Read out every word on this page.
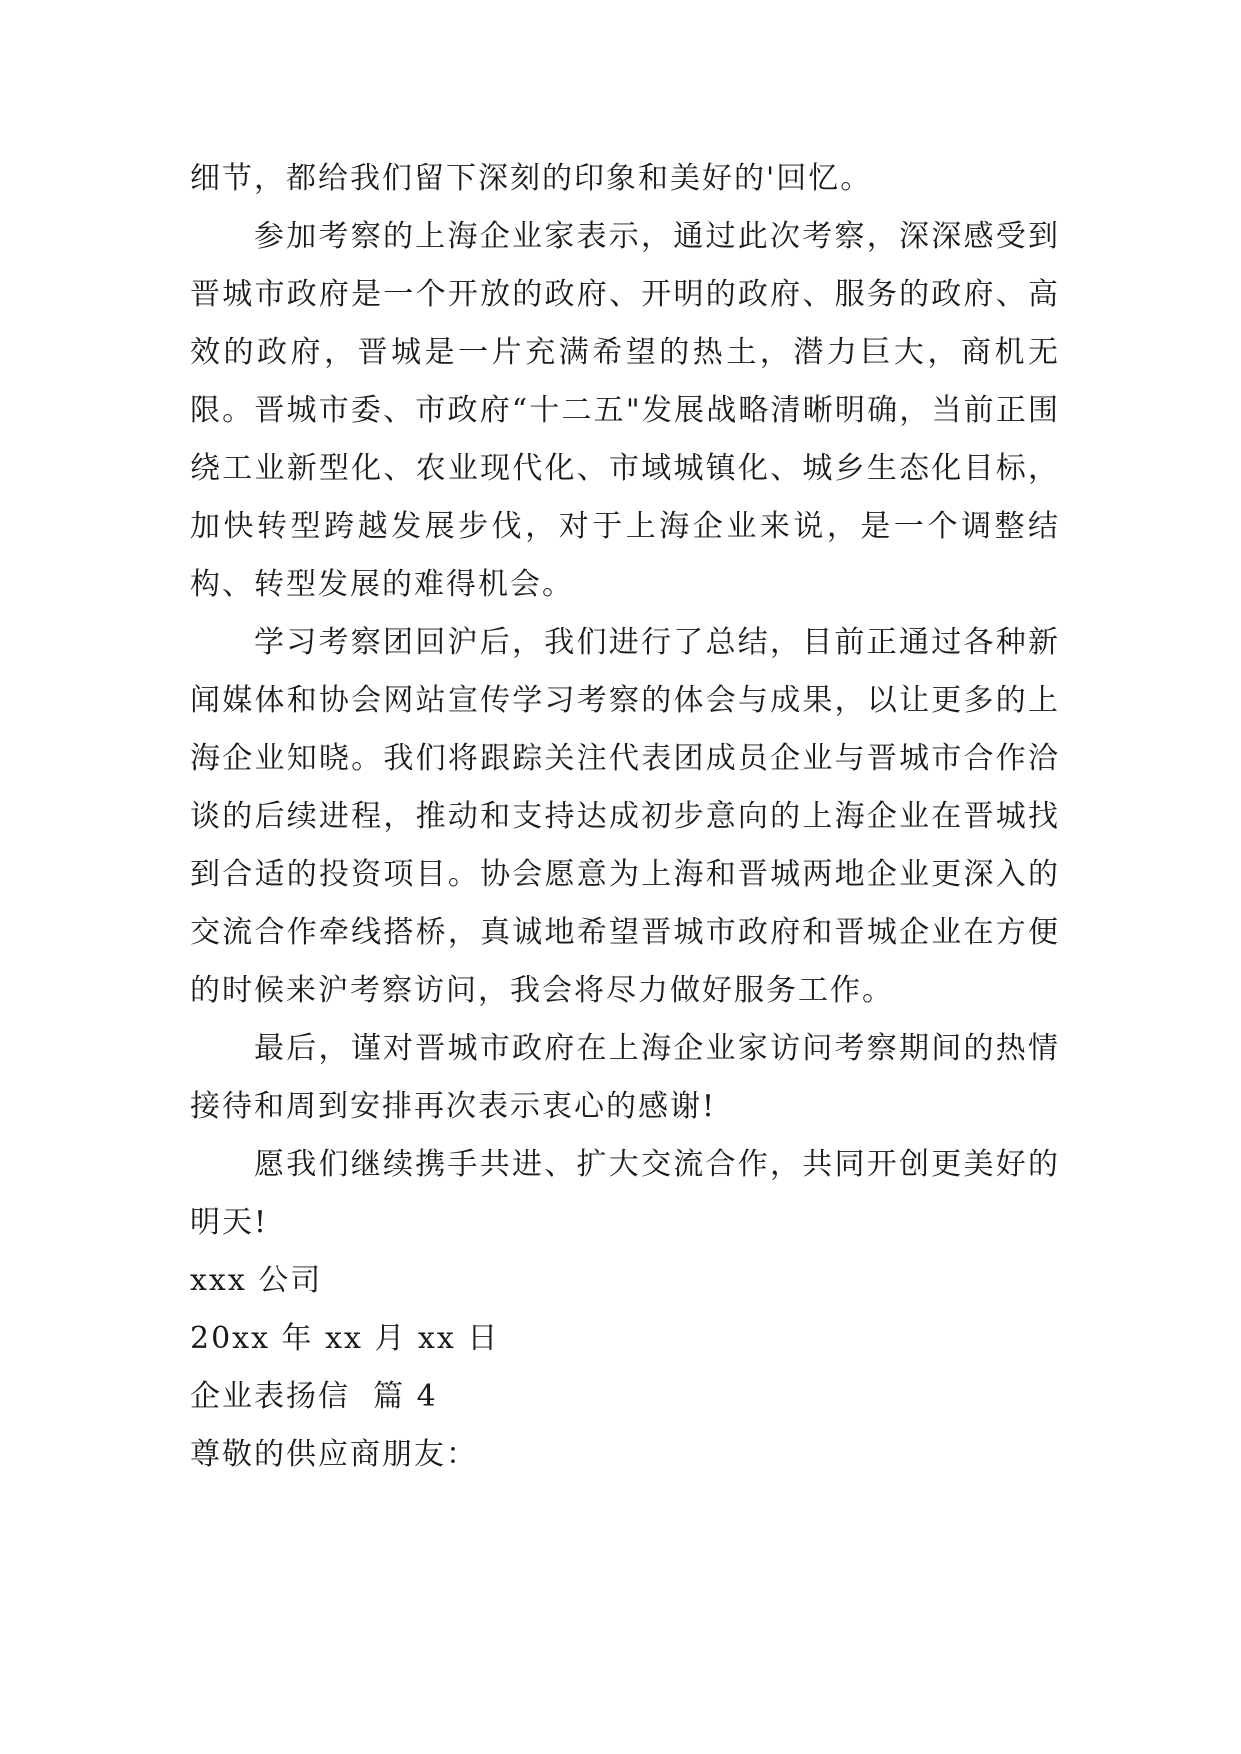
细节，都给我们留下深刻的印象和美好的'回忆。

参加考察的上海企业家表示，通过此次考察，深深感受到晋城市政府是一个开放的政府、开明的政府、服务的政府、高效的政府，晋城是一片充满希望的热土，潜力巨大，商机无限。晋城市委、市政府“十二五"发展战略清晰明确，当前正围绕工业新型化、农业现代化、市域城镇化、城乡生态化目标，加快转型跨越发展步伐，对于上海企业来说，是一个调整结构、转型发展的难得机会。

学习考察团回沪后，我们进行了总结，目前正通过各种新闻媒体和协会网站宣传学习考察的体会与成果，以让更多的上海企业知晓。我们将跟踪关注代表团成员企业与晋城市合作洽谈的后续进程，推动和支持达成初步意向的上海企业在晋城找到合适的投资项目。协会愿意为上海和晋城两地企业更深入的交流合作牵线搭桥，真诚地希望晋城市政府和晋城企业在方便的时候来沪考察访问，我会将尽力做好服务工作。

最后，谨对晋城市政府在上海企业家访问考察期间的热情接待和周到安排再次表示衷心的感谢!

愿我们继续携手共进、扩大交流合作，共同开创更美好的明天!

xxx 公司

20xx 年 xx 月 xx 日

企业表扬信  篇 4

尊敬的供应商朋友：
